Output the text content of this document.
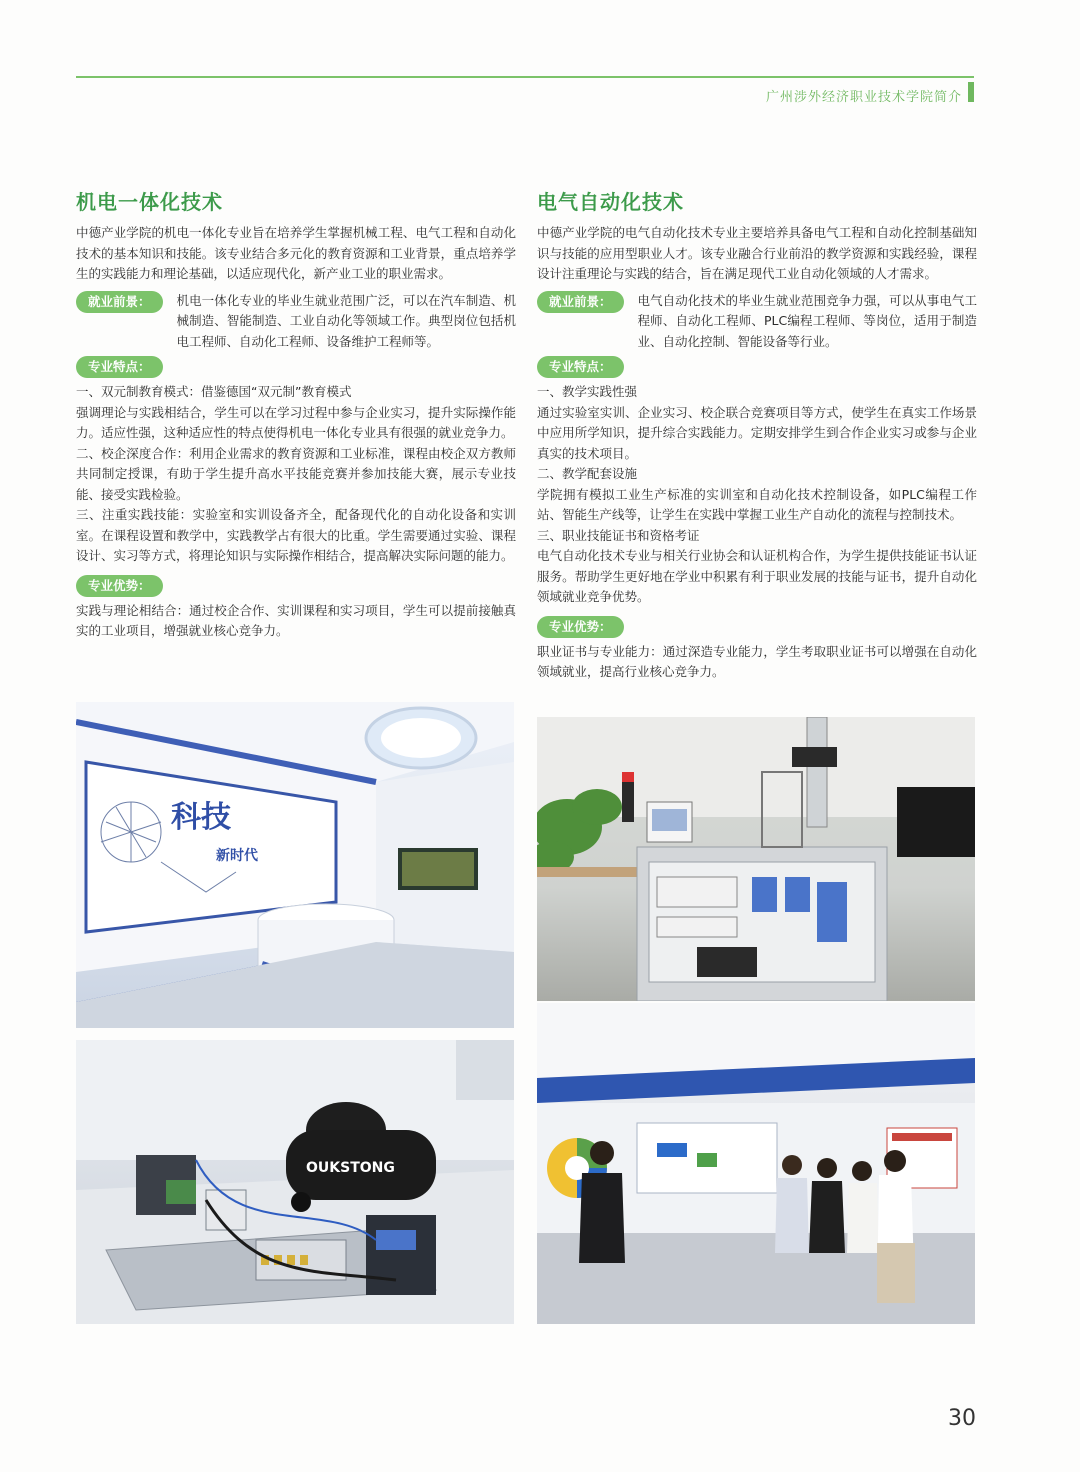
广州涉外经济职业技术学院简介
机电一体化技术

中德产业学院的机电一体化专业旨在培养学生掌握机械工程、电气工程和自动化技术的基本知识和技能。该专业结合多元化的教育资源和工业背景，重点培养学生的实践能力和理论基础，以适应现代化，新产业工业的职业需求。

就业前景：	机电一体化专业的毕业生就业范围广泛，可以在汽车制造、机械制造、智能制造、工业自动化等领域工作。典型岗位包括机电工程师、自动化工程师、设备维护工程师等。

专业特点：

一、双元制教育模式：借鉴德国“双元制”教育模式

强调理论与实践相结合，学生可以在学习过程中参与企业实习，提升实际操作能力。适应性强，这种适应性的特点使得机电一体化专业具有很强的就业竞争力。

二、校企深度合作：利用企业需求的教育资源和工业标准，课程由校企双方教师共同制定授课，有助于学生提升高水平技能竞赛并参加技能大赛，展示专业技能、接受实践检验。

三、注重实践技能：实验室和实训设备齐全，配备现代化的自动化设备和实训室。在课程设置和教学中，实践教学占有很大的比重。学生需要通过实验、课程设计、实习等方式，将理论知识与实际操作相结合，提高解决实际问题的能力。

专业优势：

实践与理论相结合：通过校企合作、实训课程和实习项目，学生可以提前接触真实的工业项目，增强就业核心竞争力。

电气自动化技术

中德产业学院的电气自动化技术专业主要培养具备电气工程和自动化控制基础知识与技能的应用型职业人才。该专业融合行业前沿的教学资源和实践经验，课程设计注重理论与实践的结合，旨在满足现代工业自动化领域的人才需求。

就业前景：	电气自动化技术的毕业生就业范围竞争力强，可以从事电气工程师、自动化工程师、PLC编程工程师、等岗位，适用于制造业、自动化控制、智能设备等行业。

专业特点：

一、教学实践性强

通过实验室实训、企业实习、校企联合竞赛项目等方式，使学生在真实工作场景中应用所学知识，提升综合实践能力。定期安排学生到合作企业实习或参与企业真实的技术项目。

二、教学配套设施

学院拥有模拟工业生产标准的实训室和自动化技术控制设备，如PLC编程工作站、智能生产线等，让学生在实践中掌握工业生产自动化的流程与控制技术。

三、职业技能证书和资格考证

电气自动化技术专业与相关行业协会和认证机构合作，为学生提供技能证书认证服务。帮助学生更好地在学业中积累有利于职业发展的技能与证书，提升自动化领域就业竞争优势。

专业优势：

职业证书与专业能力：通过深造专业能力，学生考取职业证书可以增强在自动化领域就业，提高行业核心竞争力。

科技
新时代
OUKSTONG
30
